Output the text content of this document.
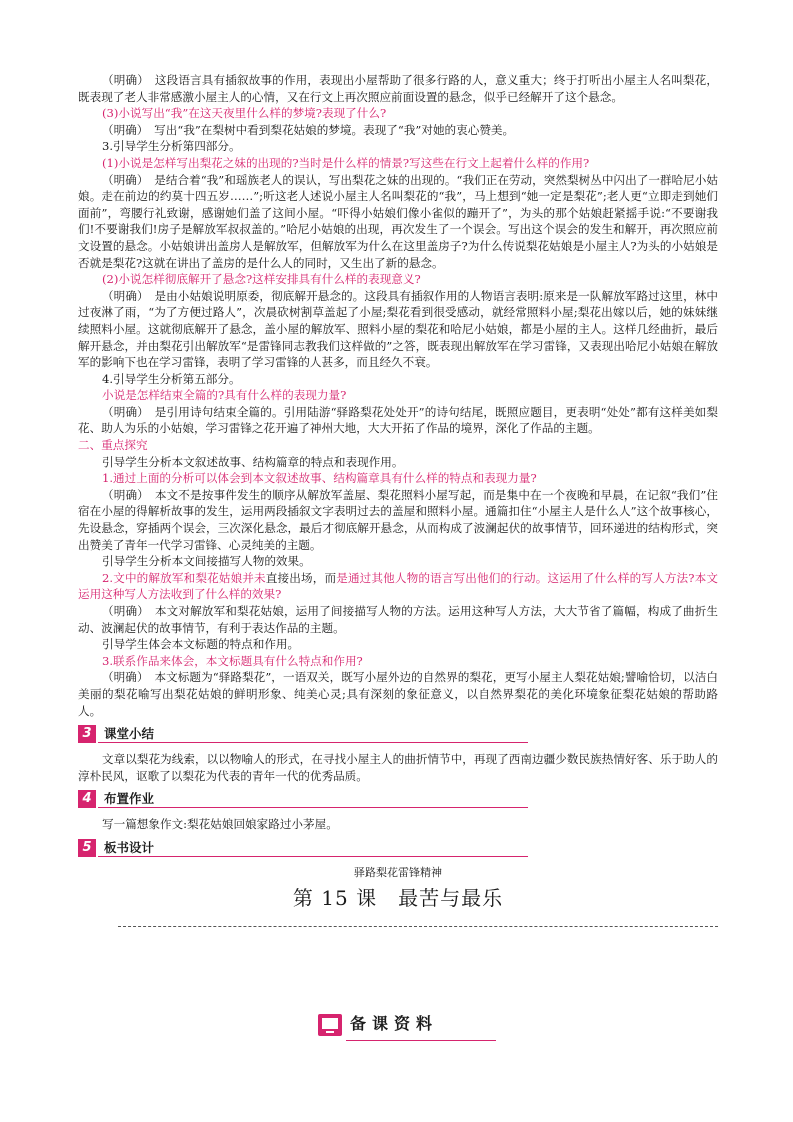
（明确）　这段语言具有插叙故事的作用，表现出小屋帮助了很多行路的人，意义重大；终于打听出小屋主人名叫梨花，既表现了老人非常感激小屋主人的心情，又在行文上再次照应前面设置的悬念，似乎已经解开了这个悬念。

(3)小说写出“我”在这天夜里什么样的梦境?表现了什么?

（明确）　写出“我”在梨树中看到梨花姑娘的梦境。表现了“我”对她的衷心赞美。

3.引导学生分析第四部分。

(1)小说是怎样写出梨花之妹的出现的?当时是什么样的情景?写这些在行文上起着什么样的作用?

（明确）　是结合着“我”和瑶族老人的误认，写出梨花之妹的出现的。“我们正在劳动，突然梨树丛中闪出了一群哈尼小姑娘。走在前边的约莫十四五岁……”;听这老人述说小屋主人名叫梨花的“我”，马上想到“她一定是梨花”;老人更“立即走到她们面前”，弯腰行礼致谢，感谢她们盖了这间小屋。“吓得小姑娘们像小雀似的蹦开了”，为头的那个姑娘赶紧摇手说:“不要谢我们!不要谢我们!房子是解放军叔叔盖的。”哈尼小姑娘的出现，再次发生了一个误会。写出这个误会的发生和解开，再次照应前文设置的悬念。小姑娘讲出盖房人是解放军，但解放军为什么在这里盖房子?为什么传说梨花姑娘是小屋主人?为头的小姑娘是否就是梨花?这就在讲出了盖房的是什么人的同时，又生出了新的悬念。

(2)小说怎样彻底解开了悬念?这样安排具有什么样的表现意义?

（明确）　是由小姑娘说明原委，彻底解开悬念的。这段具有插叙作用的人物语言表明:原来是一队解放军路过这里，林中过夜淋了雨，“为了方便过路人”，次晨砍树割草盖起了小屋;梨花看到很受感动，就经常照料小屋;梨花出嫁以后，她的妹妹继续照料小屋。这就彻底解开了悬念，盖小屋的解放军、照料小屋的梨花和哈尼小姑娘，都是小屋的主人。这样几经曲折，最后解开悬念，并由梨花引出解放军“是雷锋同志教我们这样做的”之答，既表现出解放军在学习雷锋，又表现出哈尼小姑娘在解放军的影响下也在学习雷锋，表明了学习雷锋的人甚多，而且经久不衰。

4.引导学生分析第五部分。

小说是怎样结束全篇的?具有什么样的表现力量?

（明确）　是引用诗句结束全篇的。引用陆游“驿路梨花处处开”的诗句结尾，既照应题目，更表明“处处”都有这样美如梨花、助人为乐的小姑娘，学习雷锋之花开遍了神州大地，大大开拓了作品的境界，深化了作品的主题。

二、重点探究

引导学生分析本文叙述故事、结构篇章的特点和表现作用。

1.通过上面的分析可以体会到本文叙述故事、结构篇章具有什么样的特点和表现力量?

（明确）　本文不是按事件发生的顺序从解放军盖屋、梨花照料小屋写起，而是集中在一个夜晚和早晨，在记叙“我们”住宿在小屋的得解析故事的发生，运用两段插叙文字表明过去的盖屋和照料小屋。通篇扣住“小屋主人是什么人”这个故事核心，先设悬念，穿插两个误会，三次深化悬念，最后才彻底解开悬念，从而构成了波澜起伏的故事情节，回环递进的结构形式，突出赞美了青年一代学习雷锋、心灵纯美的主题。

引导学生分析本文间接描写人物的效果。

2.文中的解放军和梨花姑娘并未直接出场，而是通过其他人物的语言写出他们的行动。这运用了什么样的写人方法?本文运用这种写人方法收到了什么样的效果?

（明确）　本文对解放军和梨花姑娘，运用了间接描写人物的方法。运用这种写人方法，大大节省了篇幅，构成了曲折生动、波澜起伏的故事情节，有利于表达作品的主题。

引导学生体会本文标题的特点和作用。

3.联系作品来体会，本文标题具有什么特点和作用?

（明确）　本文标题为“驿路梨花”，一语双关，既写小屋外边的自然界的梨花，更写小屋主人梨花姑娘;譬喻恰切，以洁白美丽的梨花喻写出梨花姑娘的鲜明形象、纯美心灵;具有深刻的象征意义，以自然界梨花的美化环境象征梨花姑娘的帮助路人。

3 课堂小结

文章以梨花为线索，以以物喻人的形式，在寻找小屋主人的曲折情节中，再现了西南边疆少数民族热情好客、乐于助人的淳朴民风，讴歌了以梨花为代表的青年一代的优秀品质。

4 布置作业

写一篇想象作文:梨花姑娘回娘家路过小茅屋。

5 板书设计
驿路梨花雷锋精神
第 15 课　 最苦与最乐
备课资料
